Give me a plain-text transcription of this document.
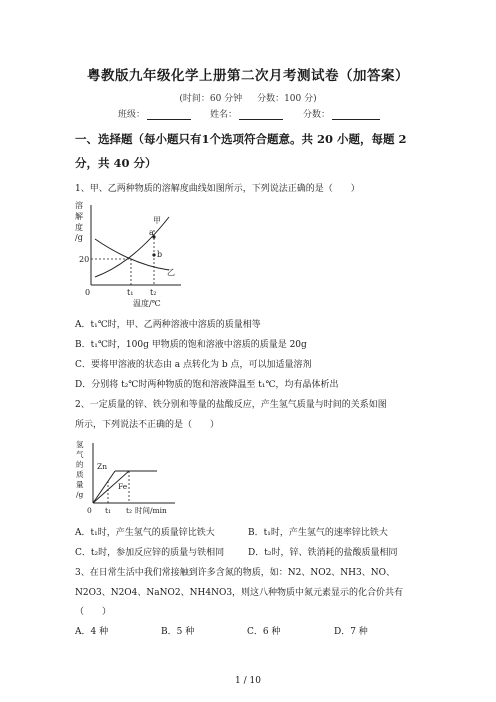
粤教版九年级化学上册第二次月考测试卷（加答案）
(时间：60 分钟 分数：100 分)
班级：	姓名：	分数：
一、选择题（每小题只有1个选项符合题意。共 20 小题，每题 2
分，共 40 分）
1、甲、乙两种物质的溶解度曲线如图所示，下列说法正确的是（　　）
溶
解
度
/g
20
0	t₁ t₂
温度/℃
甲
乙
a
b
A．t₁℃时，甲、乙两种溶液中溶质的质量相等
B．t₁℃时，100g 甲物质的饱和溶液中溶质的质量是 20g
C．要将甲溶液的状态由 a 点转化为 b 点，可以加适量溶剂
D．分别将 t₂℃时两种物质的饱和溶液降温至 t₁℃，均有晶体析出
2、一定质量的锌、铁分别和等量的盐酸反应，产生氢气质量与时间的关系如图
所示，下列说法不正确的是（　　）
氢
气
的
质
量
/g
Zn
Fe
0 t₁ t₂ 时间/min
A．t₁时，产生氢气的质量锌比铁大	B．t₁时，产生氢气的速率锌比铁大
C．t₂时，参加反应锌的质量与铁相同	D．t₂时，锌、铁消耗的盐酸质量相同
3、在日常生活中我们常接触到许多含氮的物质，如：N2、NO2、NH3、NO、
N2O3、N2O4、NaNO2、NH4NO3，则这八种物质中氮元素显示的化合价共有
（　　）
A．4 种	B．5 种	C．6 种	D．7 种
1 / 10
